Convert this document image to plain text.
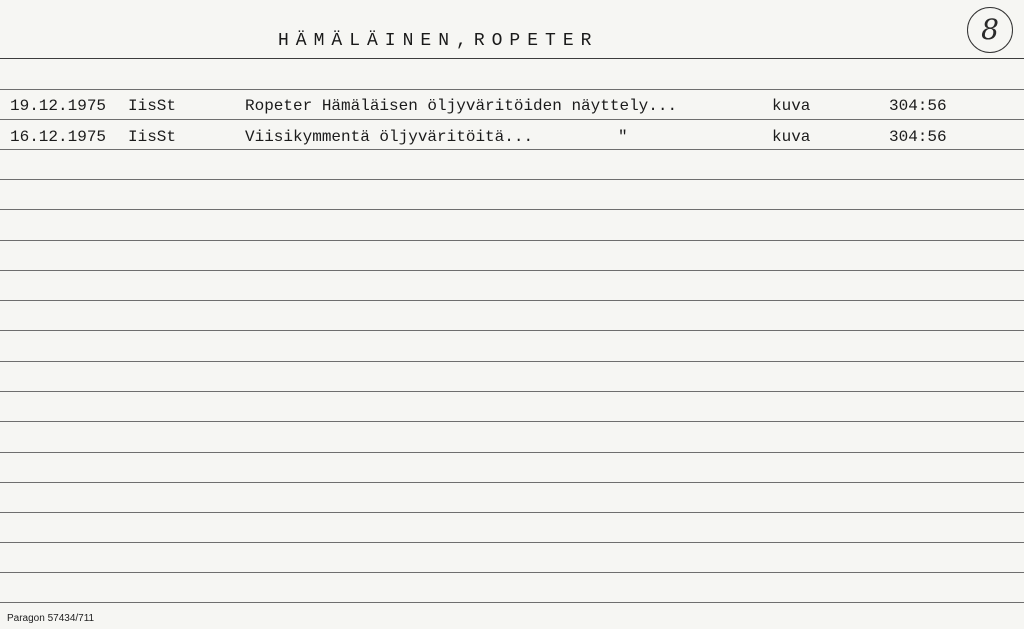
HÄMÄLÄINEN,ROPETER	8
19.12.1975 IisSt	Ropeter Hämäläisen öljyväritöiden näyttely...	kuva	304:56
16.12.1975 IisSt	Viisikymmentä öljyväritöitä...	"	kuva	304:56
Paragon 57434/711
